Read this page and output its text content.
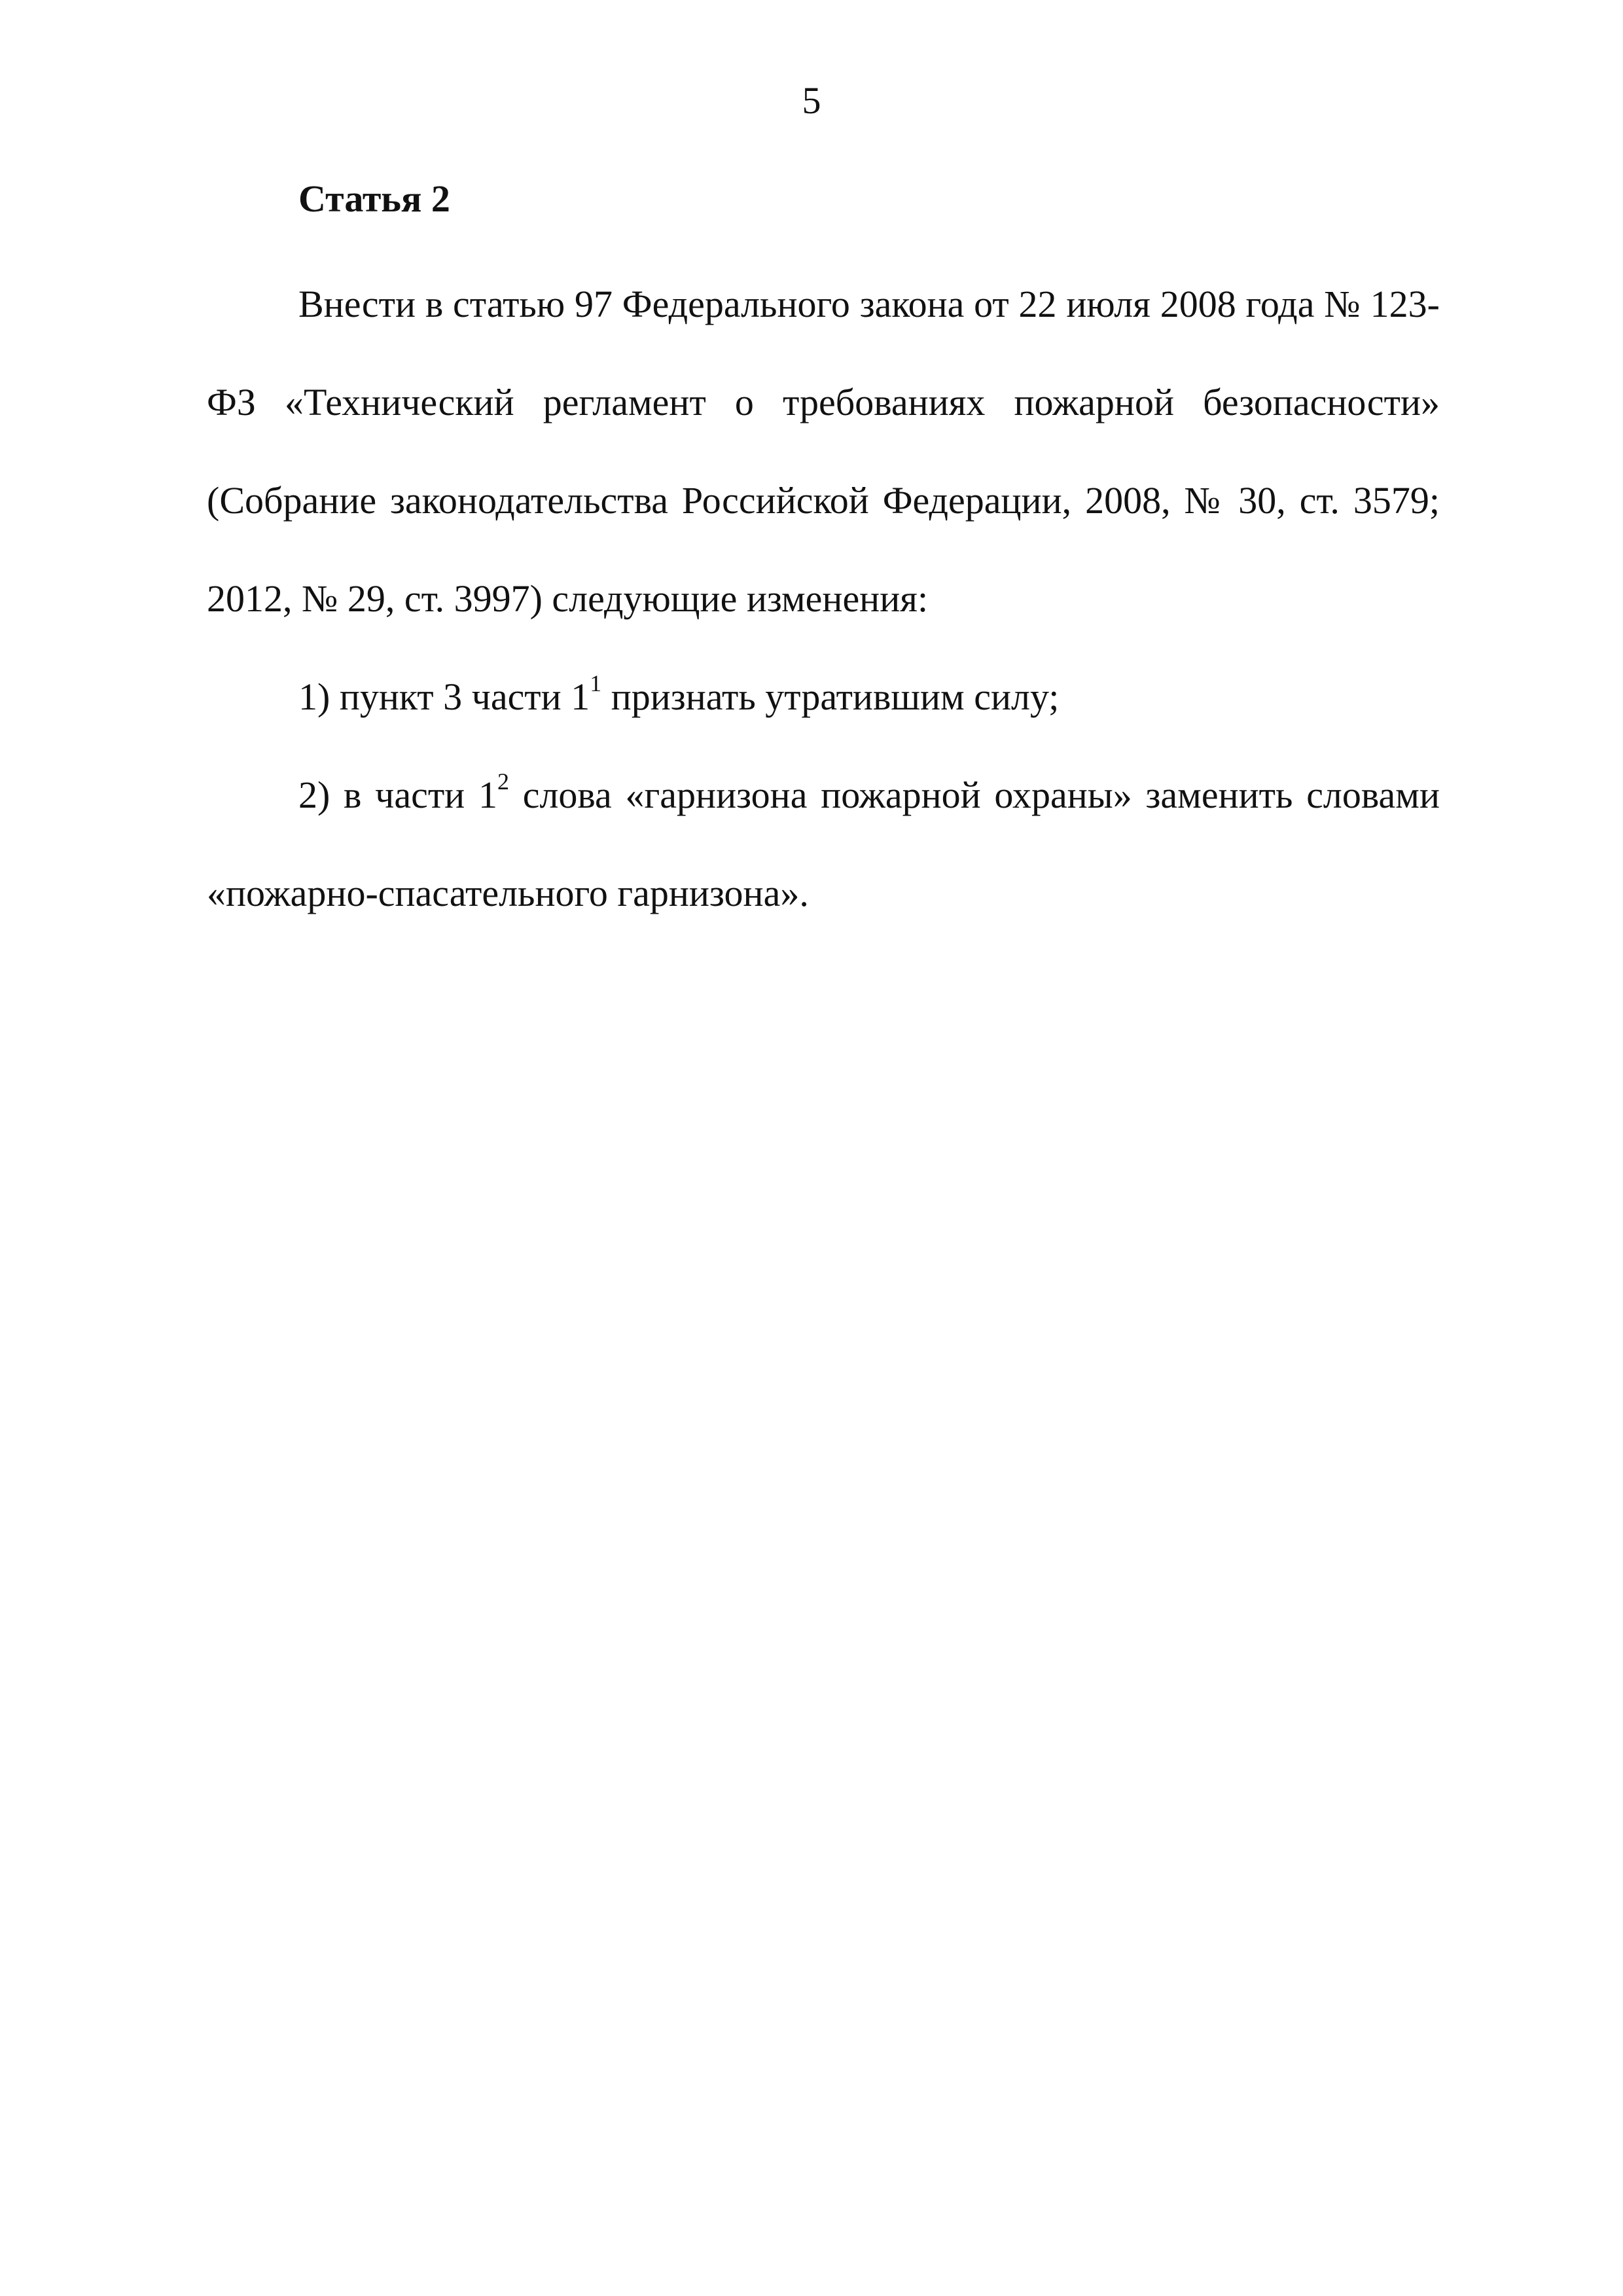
5
Статья 2

Внести в статью 97 Федерального закона от 22 июля 2008 года № 123-ФЗ «Технический регламент о требованиях пожарной безопасности» (Собрание законодательства Российской Федерации, 2008, № 30, ст. 3579; 2012, № 29, ст. 3997) следующие изменения:

1) пункт 3 части $1^1$ признать утратившим силу;

2) в части $1^2$ слова «гарнизона пожарной охраны» заменить словами «пожарно-спасательного гарнизона».
